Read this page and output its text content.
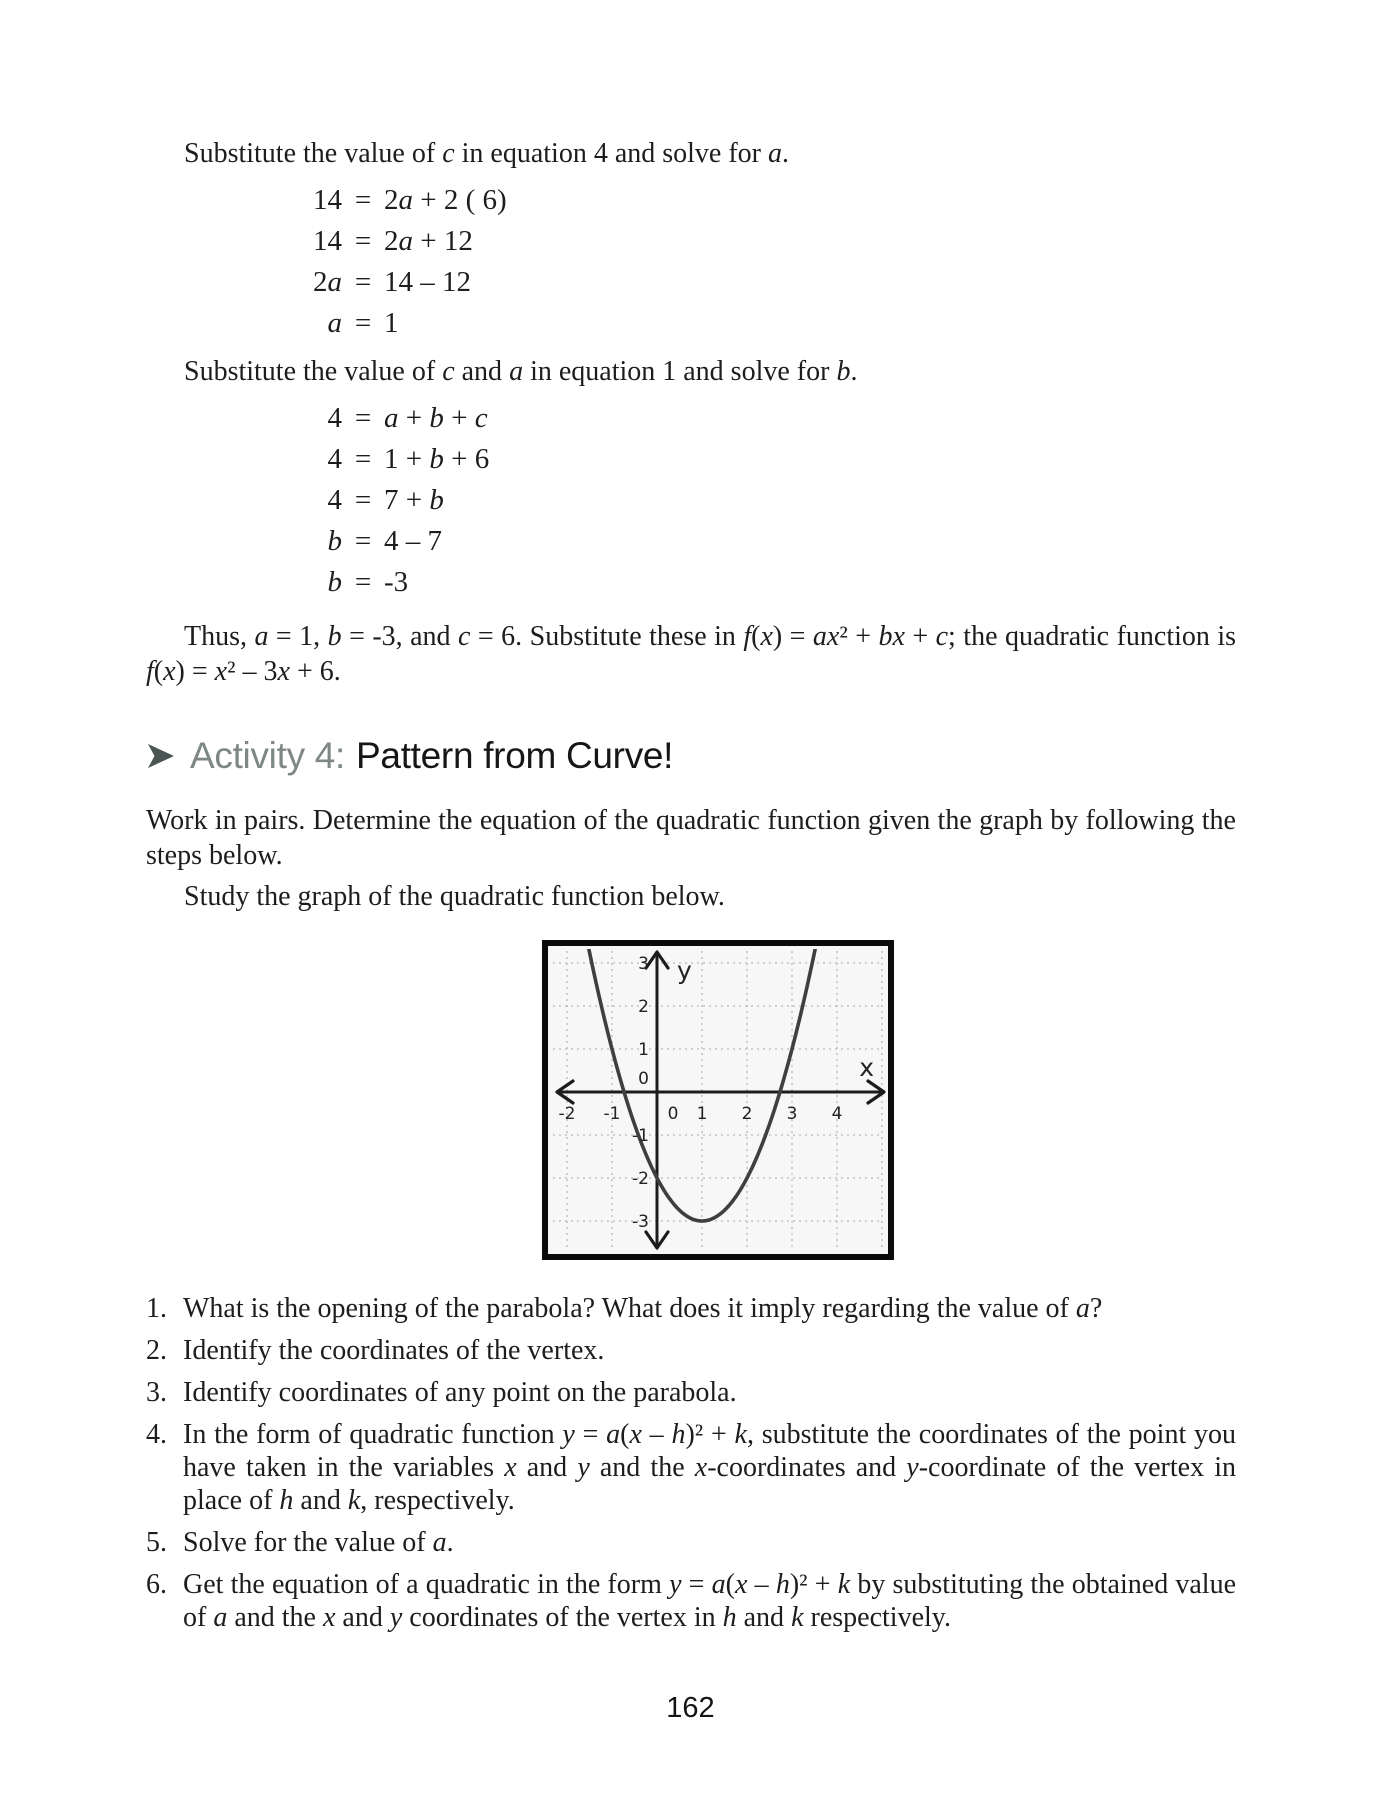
Substitute the value of c in equation 4 and solve for a.
14 = 2a + 2 ( 6)
14 = 2a + 12
2a = 14 – 12
a = 1
Substitute the value of c and a in equation 1 and solve for b.
4 = a + b + c
4 = 1 + b + 6
4 = 7 + b
b = 4 – 7
b = -3
Thus, a = 1, b = -3, and c = 6. Substitute these in f(x) = ax² + bx + c; the quadratic function is f(x) = x² – 3x + 6.
Activity 4: Pattern from Curve!
Work in pairs. Determine the equation of the quadratic function given the graph by following the steps below.
Study the graph of the quadratic function below.
-2 -1	0 1 2 3 4
3
2
1
0
-1
-2
-3
x
y
1. What is the opening of the parabola? What does it imply regarding the value of a?
2. Identify the coordinates of the vertex.
3. Identify coordinates of any point on the parabola.
4. In the form of quadratic function y = a(x – h)² + k, substitute the coordinates of the point you have taken in the variables x and y and the x-coordinates and y-coordinate of the vertex in place of h and k, respectively.
5. Solve for the value of a.
6. Get the equation of a quadratic in the form y = a(x – h)² + k by substituting the obtained value of a and the x and y coordinates of the vertex in h and k respectively.
162
